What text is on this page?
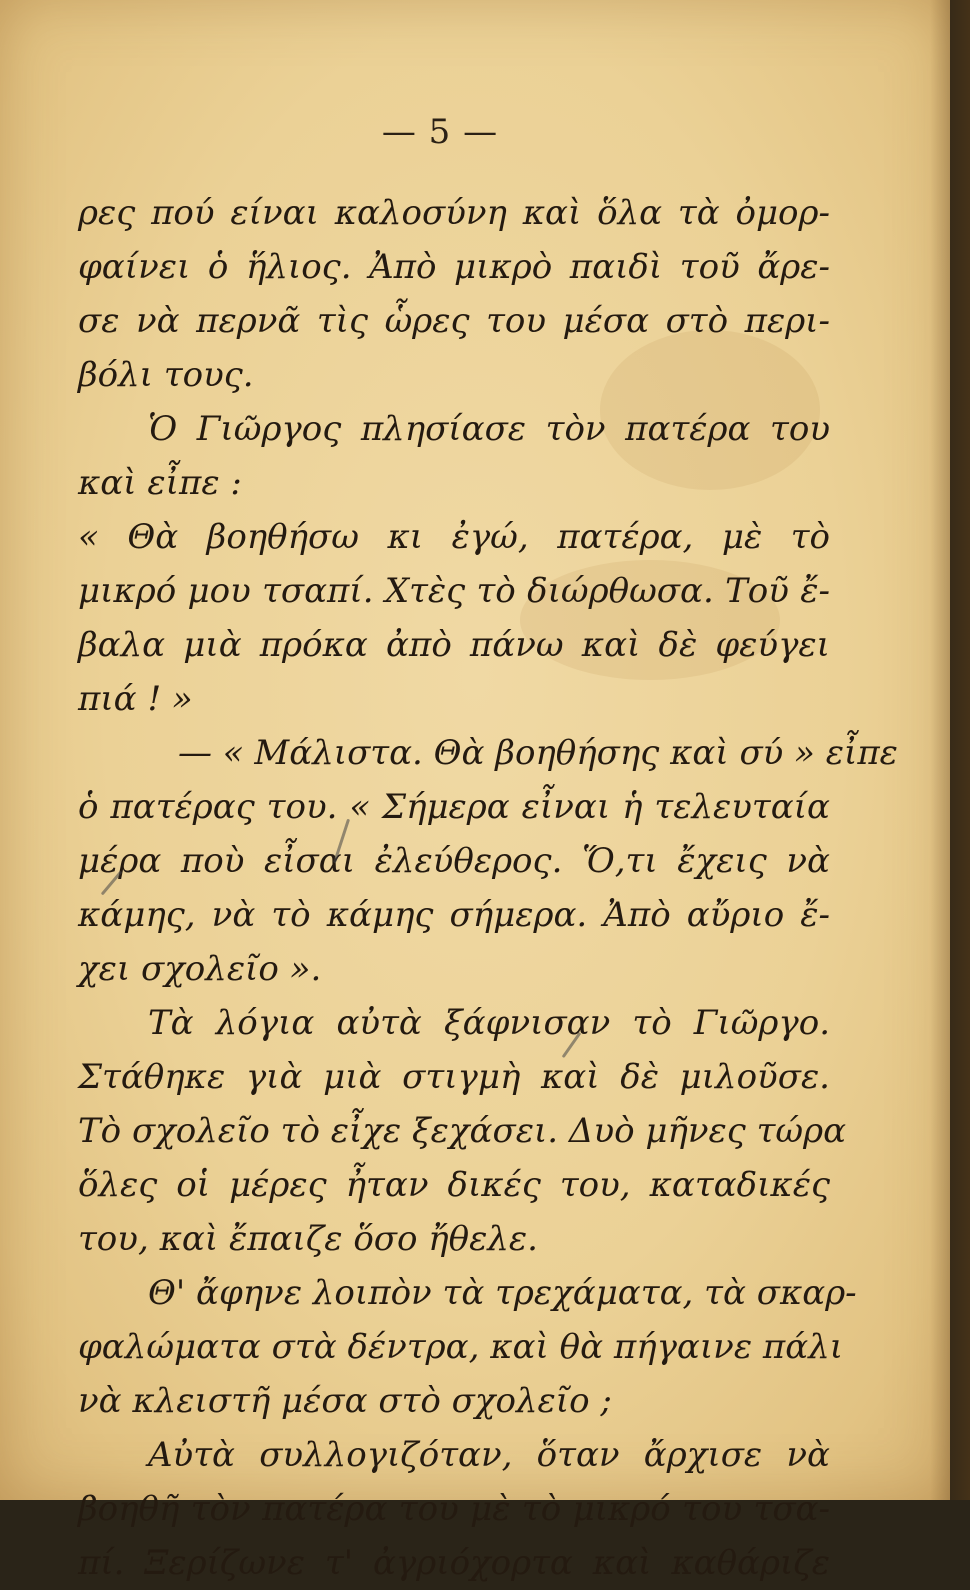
— 5 —
ρες πού είναι καλοσύνη καὶ ὅλα τὰ ὀμορ-
φαίνει ὁ ἥλιος. Ἀπὸ μικρὸ παιδὶ τοῦ ἄρε-
σε νὰ περνᾶ τὶς ὧρες του μέσα στὸ περι-
βόλι τους.
Ὁ Γιῶργος πλησίασε τὸν πατέρα του
καὶ εἶπε :
« Θὰ βοηθήσω κι ἐγώ, πατέρα, μὲ τὸ
μικρό μου τσαπί. Χτὲς τὸ διώρθωσα. Τοῦ ἔ-
βαλα μιὰ πρόκα ἀπὸ πάνω καὶ δὲ φεύγει
πιά ! »
— « Μάλιστα. Θὰ βοηθήσης καὶ σύ » εἶπε
ὁ πατέρας του. « Σήμερα εἶναι ἡ τελευταία
μέρα ποὺ εἶσαι ἐλεύθερος. Ὅ,τι ἔχεις νὰ
κάμης, νὰ τὸ κάμης σήμερα. Ἀπὸ αὔριο ἔ-
χει σχολεῖο ».
Τὰ λόγια αὐτὰ ξάφνισαν τὸ Γιῶργο.
Στάθηκε γιὰ μιὰ στιγμὴ καὶ δὲ μιλοῦσε.
Τὸ σχολεῖο τὸ εἶχε ξεχάσει. Δυὸ μῆνες τώρα
ὅλες οἱ μέρες ἦταν δικές του, καταδικές
του, καὶ ἔπαιζε ὅσο ἤθελε.
Θ' ἄφηνε λοιπὸν τὰ τρεχάματα, τὰ σκαρ-
φαλώματα στὰ δέντρα, καὶ θὰ πήγαινε πάλι
νὰ κλειστῆ μέσα στὸ σχολεῖο ;
Αὐτὰ συλλογιζόταν, ὅταν ἄρχισε νὰ
βοηθῆ τὸν πατέρα του μὲ τὸ μικρό του τσα-
πί. Ξερίζωνε τ' ἀγριόχορτα καὶ καθάριζε
